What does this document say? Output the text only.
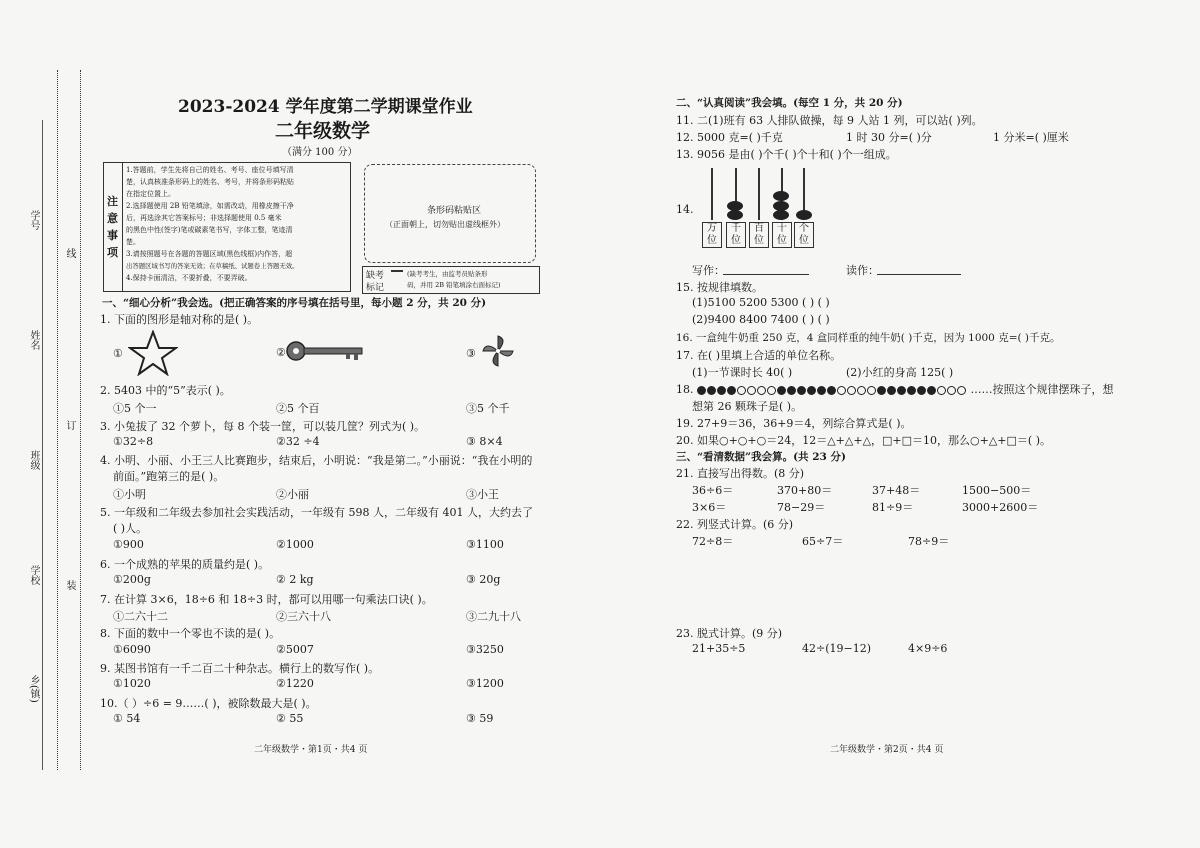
学号
姓名
班级
学校
乡(镇)
线
订
装
2023-2024 学年度第二学期课堂作业
二年级数学
（满分 100 分）
注意事项
1.答题前，学生先将自己的姓名、考号、座位号填写清
楚，认真核准条形码上的姓名、考号，并将条形码粘贴
在指定位置上。
2.选择题使用 2B 铅笔填涂，如需改动，用橡皮擦干净
后，再选涂其它答案标号；非选择题使用 0.5 毫米
的黑色中性(签字)笔或碳素笔书写，字体工整，笔迹清
楚。
3.请按照题号在各题的答题区域(黑色线框)内作答，超
出答题区域书写的答案无效；在草稿纸、试题卷上答题无效。
4.保持卡面清洁，不要折叠，不要弄破。
条形码粘贴区
（正面朝上，切勿贴出虚线框外）
缺考
标记
(缺考考生，由监考员贴条形
码，并用 2B 铅笔填涂右面标记)
一、“细心分析”我会选。(把正确答案的序号填在括号里，每小题 2 分，共 20 分)
1. 下面的图形是轴对称的是( )。
①	②	③
2. 5403 中的“5”表示( )。
①5 个一	②5 个百	③5 个千
3. 小兔拔了 32 个萝卜，每 8 个装一筐，可以装几筐？列式为( )。
①32÷8	②32 ÷4	③ 8×4
4. 小明、小丽、小王三人比赛跑步，结束后，小明说：“我是第二。”小丽说：“我在小明的
前面。”跑第三的是( )。
①小明	②小丽	③小王
5. 一年级和二年级去参加社会实践活动，一年级有 598 人，二年级有 401 人，大约去了
( )人。
①900	②1000	③1100
6. 一个成熟的苹果的质量约是( )。
①200g	② 2 kg	③ 20g
7. 在计算 3×6，18÷6 和 18÷3 时，都可以用哪一句乘法口诀( )。
①二六十二	②三六十八	③二九十八
8. 下面的数中一个零也不读的是( )。
①6090	②5007	③3250
9. 某图书馆有一千二百二十种杂志。横行上的数写作( )。
①1020	②1220	③1200
10.（ ）÷6 = 9……( )，被除数最大是( )。
① 54	② 55	③ 59
二年级数学・第1页・共4 页
二、“认真阅读”我会填。(每空 1 分，共 20 分)
11. 二(1)班有 63 人排队做操，每 9 人站 1 列，可以站( )列。
12. 5000 克=( )千克	1 时 30 分=( )分	1 分米=( )厘米
13. 9056 是由( )个千( )个十和( )个一组成。
14.
万位
千位
百位
十位
个位
写作：	读作：
15. 按规律填数。
(1)5100 5200 5300 ( ) ( )
(2)9400 8400 7400 ( ) ( )
16. 一盒纯牛奶重 250 克，4 盒同样重的纯牛奶( )千克，因为 1000 克=( )千克。
17. 在( )里填上合适的单位名称。
(1)一节课时长 40( )	(2)小红的身高 125( )
18.	……按照这个规律摆珠子，想
想第 26 颗珠子是( )。
19. 27+9＝36，36+9＝4，列综合算式是( )。
20. 如果○+○+○＝24，12＝△+△+△，□+□＝10，那么○+△+□＝( )。
三、“看清数据”我会算。(共 23 分)
21. 直接写出得数。(8 分)
36÷6＝	370+80＝	37+48＝	1500−500＝
3×6＝	78−29＝	81÷9＝	3000+2600＝
22. 列竖式计算。(6 分)
72÷8＝	65÷7＝	78÷9＝
23. 脱式计算。(9 分)
21+35÷5	42÷(19−12)	4×9÷6
二年级数学・第2页・共4 页
